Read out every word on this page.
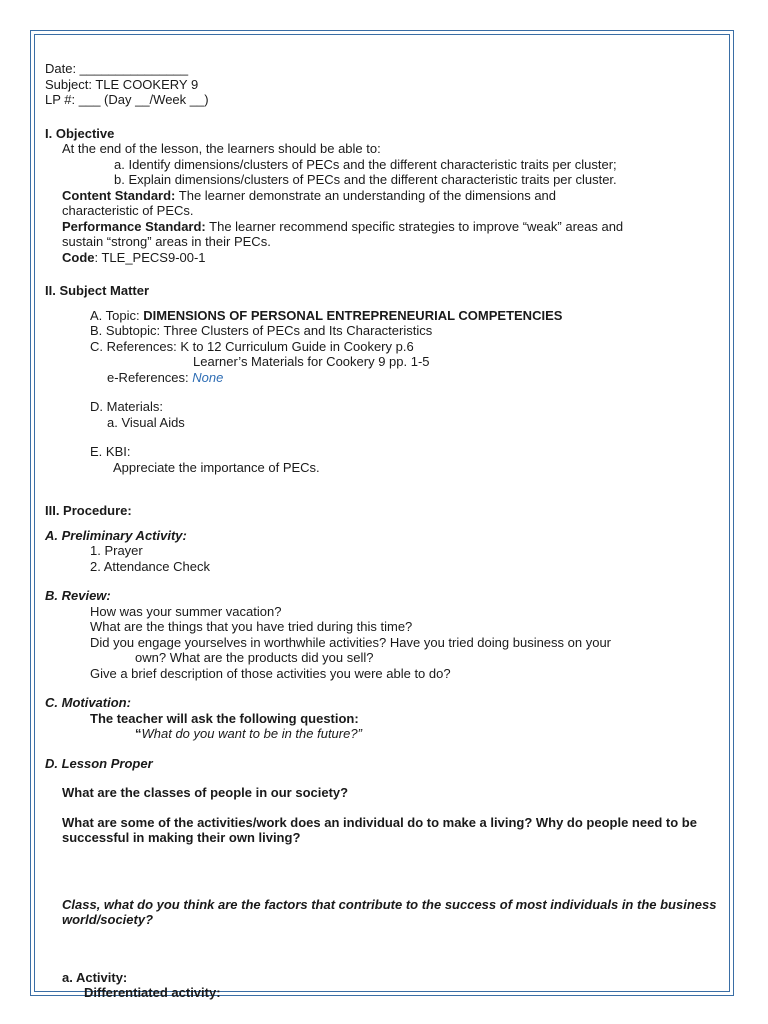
Date: _______________
Subject: TLE COOKERY 9
LP #: ___ (Day __/Week __)
I. Objective
At the end of the lesson, the learners should be able to:
a. Identify dimensions/clusters of PECs and the different characteristic traits per cluster;
b. Explain dimensions/clusters of PECs and the different characteristic traits per cluster.
Content Standard: The learner demonstrate an understanding of the dimensions and
characteristic of PECs.
Performance Standard: The learner recommend specific strategies to improve “weak” areas and
sustain “strong” areas in their PECs.
Code: TLE_PECS9-00-1
II. Subject Matter
A. Topic: DIMENSIONS OF PERSONAL ENTREPRENEURIAL COMPETENCIES
B. Subtopic: Three Clusters of PECs and Its Characteristics
C. References: K to 12 Curriculum Guide in Cookery p.6
Learner’s Materials for Cookery 9 pp. 1-5
e-References: None
D. Materials:
a. Visual Aids
E. KBI:
Appreciate the importance of PECs.
III. Procedure:
A. Preliminary Activity:
1. Prayer
2. Attendance Check
B. Review:
How was your summer vacation?
What are the things that you have tried during this time?
Did you engage yourselves in worthwhile activities? Have you tried doing business on your
own? What are the products did you sell?
Give a brief description of those activities you were able to do?
C. Motivation:
The teacher will ask the following question:
“What do you want to be in the future?”
D. Lesson Proper
What are the classes of people in our society?
What are some of the activities/work does an individual do to make a living? Why do people need to be successful in making their own living?
Class, what do you think are the factors that contribute to the success of most individuals in the business world/society?
a. Activity:
Differentiated activity:
